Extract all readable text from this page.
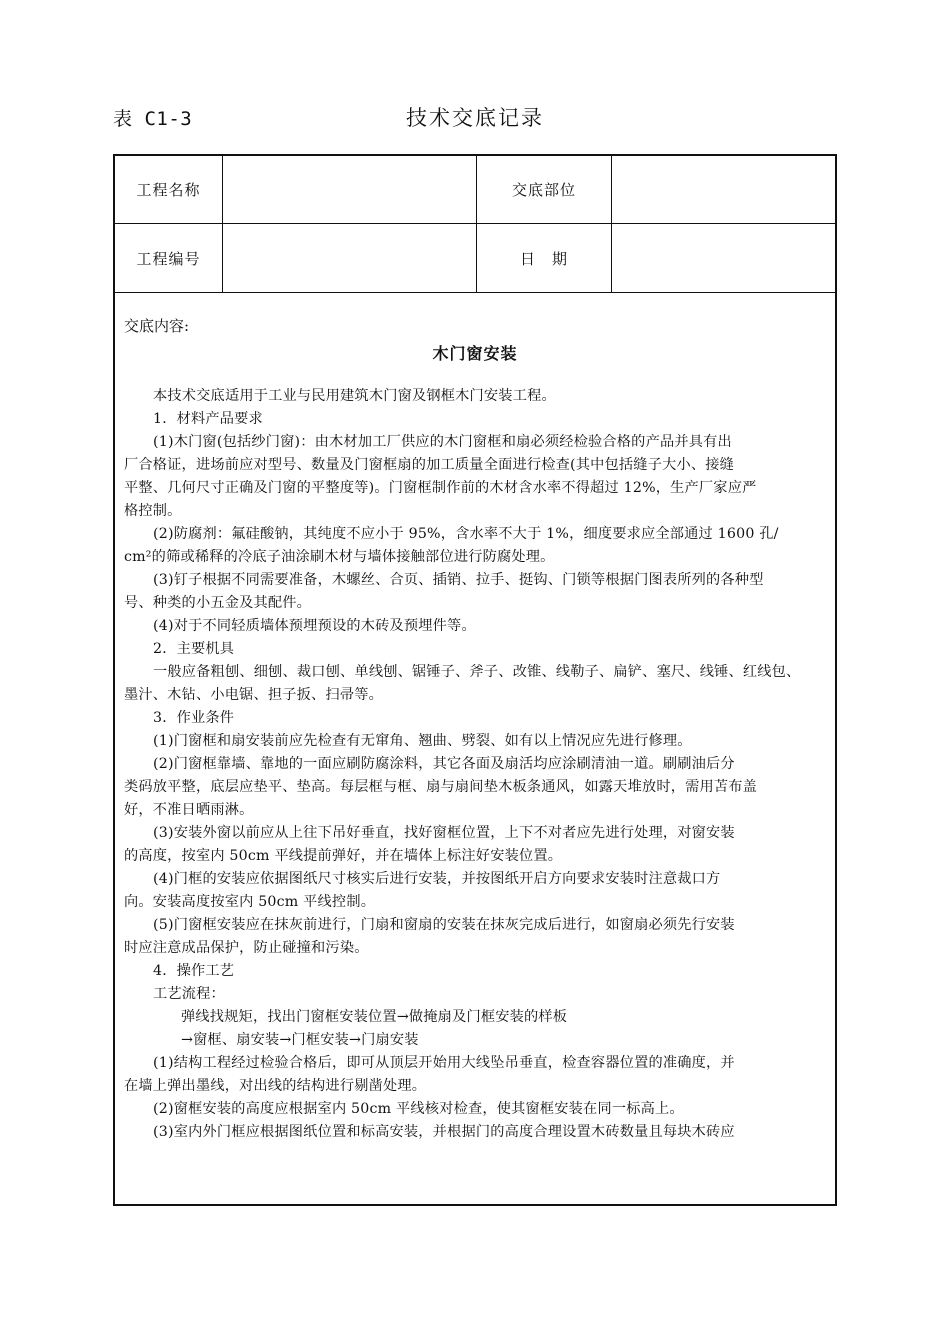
表 C1-3	技术交底记录
工程名称	交底部位
工程编号	日　期
交底内容:
木门窗安装
本技术交底适用于工业与民用建筑木门窗及钢框木门安装工程。
1．材料产品要求
(1)木门窗(包括纱门窗)：由木材加工厂供应的木门窗框和扇必须经检验合格的产品并具有出
厂合格证，进场前应对型号、数量及门窗框扇的加工质量全面进行检查(其中包括缝子大小、接缝
平整、几何尺寸正确及门窗的平整度等)。门窗框制作前的木材含水率不得超过 12%，生产厂家应严
格控制。
(2)防腐剂：氟硅酸钠，其纯度不应小于 95%，含水率不大于 1%，细度要求应全部通过 1600 孔/
cm²的筛或稀释的冷底子油涂刷木材与墙体接触部位进行防腐处理。
(3)钉子根据不同需要准备，木螺丝、合页、插销、拉手、挺钩、门锁等根据门图表所列的各种型
号、种类的小五金及其配件。
(4)对于不同轻质墙体预埋预设的木砖及预埋件等。
2．主要机具
一般应备粗刨、细刨、裁口刨、单线刨、锯锤子、斧子、改锥、线勒子、扁铲、塞尺、线锤、红线包、
墨汁、木钻、小电锯、担子扳、扫帚等。
3．作业条件
(1)门窗框和扇安装前应先检查有无窜角、翘曲、劈裂、如有以上情况应先进行修理。
(2)门窗框靠墙、靠地的一面应刷防腐涂料，其它各面及扇活均应涂刷清油一道。刷刷油后分
类码放平整，底层应垫平、垫高。每层框与框、扇与扇间垫木板条通风，如露天堆放时，需用苫布盖
好，不准日晒雨淋。
(3)安装外窗以前应从上往下吊好垂直，找好窗框位置，上下不对者应先进行处理，对窗安装
的高度，按室内 50cm 平线提前弹好，并在墙体上标注好安装位置。
(4)门框的安装应依据图纸尺寸核实后进行安装，并按图纸开启方向要求安装时注意裁口方
向。安装高度按室内 50cm 平线控制。
(5)门窗框安装应在抹灰前进行，门扇和窗扇的安装在抹灰完成后进行，如窗扇必须先行安装
时应注意成品保护，防止碰撞和污染。
4．操作工艺
工艺流程：
弹线找规矩，找出门窗框安装位置→做掩扇及门框安装的样板
→窗框、扇安装→门框安装→门扇安装
(1)结构工程经过检验合格后，即可从顶层开始用大线坠吊垂直，检查容器位置的准确度，并
在墙上弹出墨线，对出线的结构进行剔凿处理。
(2)窗框安装的高度应根据室内 50cm 平线核对检查，使其窗框安装在同一标高上。
(3)室内外门框应根据图纸位置和标高安装，并根据门的高度合理设置木砖数量且每块木砖应
